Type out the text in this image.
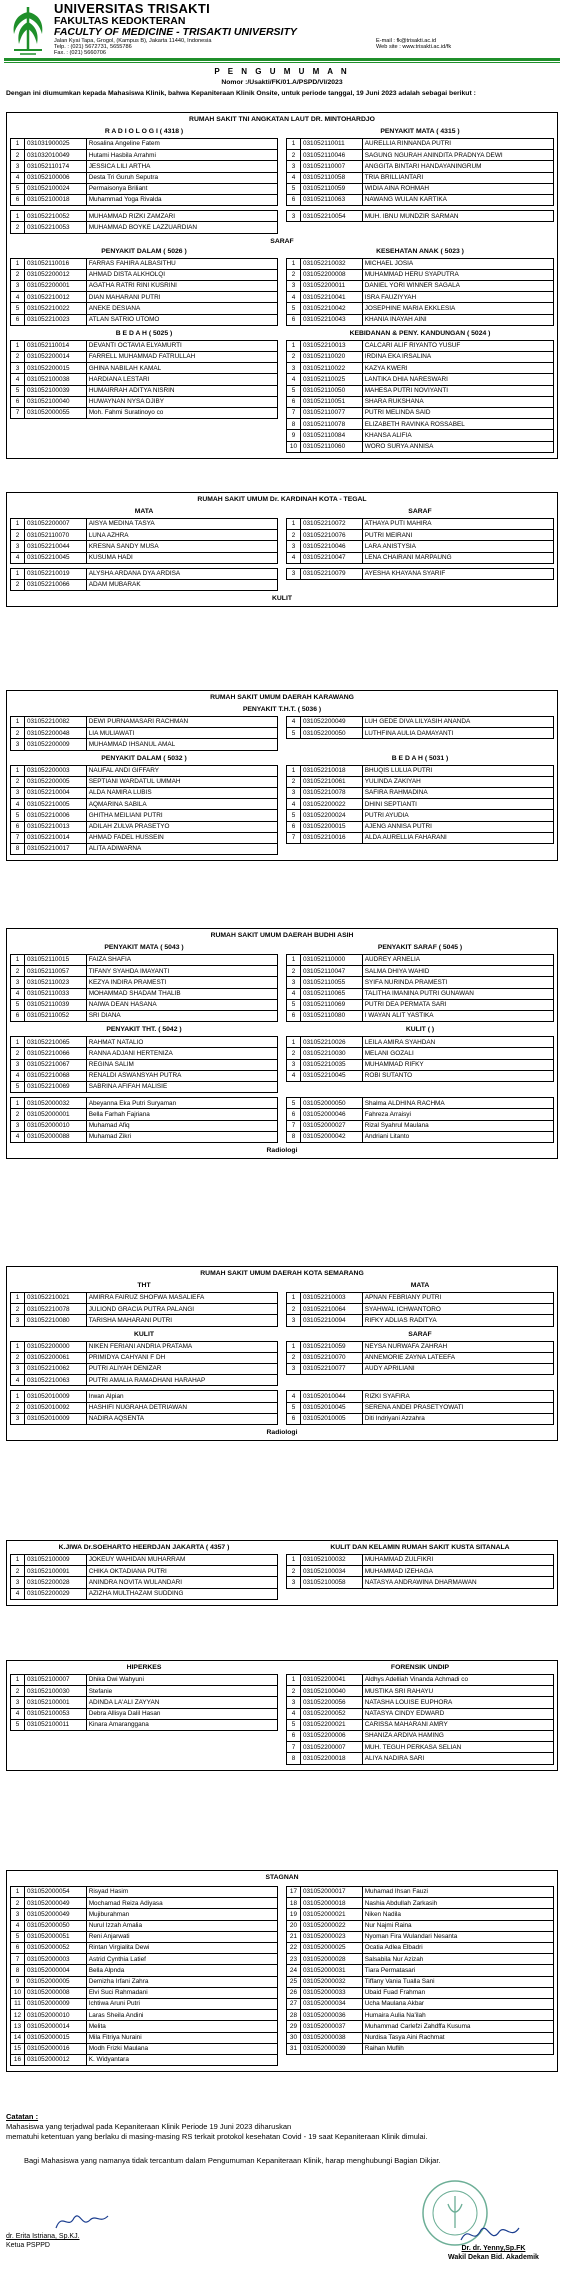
UNIVERSITAS TRISAKTI
FAKULTAS KEDOKTERAN
FACULTY OF MEDICINE - TRISAKTI UNIVERSITY
Jalan Kyai Tapa, Grogol, (Kampus B), Jakarta 11440, Indonesia
Telp. : (021) 5672731, 5655786
Fax. : (021) 5660706
E-mail : fk@trisakti.ac.id
Web site : www.trisakti.ac.id/fk
P E N G U M U M A N
Nomor :/Usakti/FK/01.A/PSPD/VI/2023
Dengan ini diumumkan kepada Mahasiswa Klinik, bahwa Kepaniteraan Klinik Onsite, untuk periode tanggal, 19 Juni 2023 adalah sebagai berikut :
RUMAH SAKIT TNI ANGKATAN LAUT DR. MINTOHARDJO
R A D I O L O G I ( 4318 )	PENYAKIT MATA ( 4315 )
1	031031900025	Rosalina Angeline Fatem
2	031032010049	Hutami Hasbila Arrahmi
3	031052110174	JESSICA LILI ARTHA
4	031052100006	Desta Tri Guruh Seputra
5	031052100024	Permaisonya Briliant
6	031052100018	Muhammad Yoga Rivalda
1	031052110011	AURELLIA RINNANDA PUTRI
2	031052110046	SAGUNG NGURAH ANINDITA PRADNYA DEWI
3	031052110007	ANGGITA BINTARI HANDAYANINGRUM
4	031052110058	TRIA BRILLIANTARI
5	031052110059	WIDIA AINA ROHMAH
6	031052110063	NAWANG WULAN KARTIKA
1	031052210052	MUHAMMAD RIZKI ZAMZARI
2	031052210053	MUHAMMAD BOYKE LAZZUARDIAN
3	031052210054	MUH. IBNU MUNDZIR SARMAN
SARAF
PENYAKIT DALAM ( 5026 )	KESEHATAN ANAK ( 5023 )
1	031052110016	FARRAS FAHIRA ALBASITHU
2	031052200012	AHMAD DISTA ALKHOLQI
3	031052200001	AGATHA RATRI RINI KUSRINI
4	031052210012	DIAN MAHARANI PUTRI
5	031052210022	ANEKE DESIANA
6	031052210023	ATLAN SATRIO UTOMO
1	031052210032	MICHAEL JOSIA
2	031052200008	MUHAMMAD HERU SYAPUTRA
3	031052200011	DANIEL YORI WINNER SAGALA
4	031052210041	ISRA FAUZIYYAH
5	031052210042	JOSEPHINE MARIA EKKLESIA
6	031052210043	KHANIA INAYAH AINI
B E D A H ( 5025 )	KEBIDANAN & PENY. KANDUNGAN ( 5024 )
1	031052110014	DEVANTI OCTAVIA ELYAMURTI
2	031052200014	FARRELL MUHAMMAD FATRULLAH
3	031052200015	GHINA NABILAH KAMAL
4	031052100038	HARDIANA LESTARI
5	031052100039	HUMAIRRAH ADITYA NISRIN
6	031052100040	HUWAYNAN NYSA DJIBY
7	031052000055	Moh. Fahmi Suratinoyo co
1	031052210013	CALCARI ALIF RIYANTO YUSUF
2	031052110020	IRDINA EKA IRSALINA
3	031052110022	KAZYA KWERI
4	031052110025	LANTIKA DHIA NARESWARI
5	031052110050	MAHESA PUTRI NOVIYANTI
6	031052110051	SHARA RUKSHANA
7	031052110077	PUTRI MELINDA SAID
8	031052110078	ELIZABETH RAVINKA ROSSABEL
9	031052110084	KHANSA ALIFIA
10 031052110060	WORO SURYA ANNISA
RUMAH SAKIT UMUM Dr. KARDINAH KOTA - TEGAL
MATA	SARAF
1	031052200007	AISYA MEDINA TASYA
2	031052110070	LUNA AZHRA
3	031052210044	KRESNA SANDY MUSA
4	031052210045	KUSUMA HADI
1	031052210072	ATHAYA PUTI MAHIRA
2	031052210076	PUTRI MEIRANI
3	031052210046	LARA ANISTYSIA
4	031052210047	LENA CHAIRANI MARPAUNG
1	031052210019	ALYSHA ARDANA DYA ARDISA
2	031052210066	ADAM MUBARAK
3	031052210079	AYESHA KHAYANA SYARIF
KULIT
RUMAH SAKIT UMUM DAERAH KARAWANG
PENYAKIT T.H.T. ( 5036 )
1	031052210082	DEWI PURNAMASARI RACHMAN
2	031052200048	LIA MULIAWATI
3	031052200009	MUHAMMAD IHSANUL AMAL
4	031052200049	LUH GEDE DIVA LILYASIH ANANDA
5	031052200050	LUTHFINA AULIA DAMAYANTI
PENYAKIT DALAM ( 5032 )	B E D A H ( 5031 )
1	031052200003	NAUFAL ANDI GIFFARY
2	031052200005	SEPTIANI WARDATUL UMMAH
3	031052210004	ALDA NAMIRA LUBIS
4	031052210005	AQMARINA SABILA
5	031052210006	GHITHA MEILIANI PUTRI
6	031052210013	ADILAH ZULVA PRASETYO
7	031052210014	AHMAD FADEL HUSSEIN
8	031052210017	ALITA ADIWARNA
1	031052210018	BHUQIS LULUA PUTRI
2	031052210061	YULINDA ZAKIYAH
3	031052210078	SAFIRA RAHMADINA
4	031052200022	DHINI SEPTIANTI
5	031052200024	PUTRI AYUDIA
6	031052200015	AJENG ANNISA PUTRI
7	031052210016	ALDA AURELLIA FAHARANI
RUMAH SAKIT UMUM DAERAH BUDHI ASIH
PENYAKIT MATA ( 5043 )	PENYAKIT SARAF ( 5045 )
1	031052110015	FAIZA SHAFIA
2	031052110057	TIFANY SYAHDA IMAYANTI
3	031052110023	KEZYA INDIRA PRAMESTI
4	031052110033	MOHAMMAD SHADAM THALIB
5	031052110039	NAIWA DEAN HASANA
6	031052110052	SRI DIANA
1	031052110000	AUDREY ARNELIA
2	031052110047	SALMA DHIYA WAHID
3	031052110055	SYIFA NURINDA PRAMESTI
4	031052110065	TALITHA IMANINA PUTRI GUNAWAN
5	031052110069	PUTRI DEA PERMATA SARI
6	031052110080	I WAYAN ALIT YASTIKA
PENYAKIT THT. ( 5042 )	KULIT ( )
1	031052210065	RAHMAT NATALIO
2	031052210066	RANNA ADJANI HERTENIZA
3	031052210067	REGINA SALIM
4	031052210068	RENALDI ASWANSYAH PUTRA
5	031052210069	SABRINA AFIFAH MALISIE
1	031052210026	LEILA AMIRA SYAHDAN
2	031052210030	MELANI GOZALI
3	031052210035	MUHAMMAD RIFKY
4	031052210045	ROBI SUTANTO
1	031052000032	Abeyanna Eka Putri Suryaman
2	031052000001	Bella Farhah Fajriana
3	031052000010	Muhamad Afiq
4	031052000088	Muhamad Zikri
5	031052000050	Shalma ALDHINA RACHMA
6	031052000046	Fahreza Arraisyi
7	031052000027	Rizal Syahrul Maulana
8	031052000042	Andriani Litanto
Radiologi
RUMAH SAKIT UMUM DAERAH KOTA SEMARANG
THT	MATA
1	031052210021	AMIRRA FAIRUZ SHOFWA MASALIEFA
2	031052210078	JULIOND GRACIA PUTRA PALANGI
3	031052210080	TARISHA MAHARANI PUTRI
1	031052210003	APNAN FEBRIANY PUTRI
2	031052210064	SYAHWAL ICHWANTORO
3	031052210094	RIFKY ADLIAS RADITYA
KULIT	SARAF
1	031052200000	NIKEN FERIANI ANDRIA PRATAMA
2	031052200061	PRIMIDYA CAHYANI F DH
3	031052210062	PUTRI ALIYAH DENIZAR
4	031052210063	PUTRI AMALIA RAMADHANI HARAHAP
1	031052210059	NEYSA NURWAFA ZAHRAH
2	031052210070	ANNEMORIE ZAYNA LATEEFA
3	031052210077	AUDY APRILIANI
1	031052010009	Irwan Alpian
2	031052010092	HASHIFI NUGRAHA DETRIAWAN
3	031052010009	NADIRA AQSENTA
4	031052010044	RIZKI SYAFIRA
5	031052010045	SERENA ANDEI PRASETYOWATI
6	031052010005	Diti Indriyani Azzahra
Radiologi
K.JIWA Dr.SOEHARTO HEERDJAN JAKARTA ( 4357 )	KULIT DAN KELAMIN RUMAH SAKIT KUSTA SITANALA
1	031052100009	JOKEUY WAHIDAN MUHARRAM
2	031052100091	CHIKA OKTADIANA PUTRI
3	031052200028	ANINDRA NOVITA WULANDARI
4	031052200029	AZIZHA MULTHAZAM SUDDING
1	031052100032	MUHAMMAD ZULFIKRI
2	031052100034	MUHAMMAD IZEHAGA
3	031052100058	NATASYA ANDRAWINA DHARMAWAN
HIPERKES	FORENSIK UNDIP
1	031052100007	Dhika Dwi Wahyuni
2	031052100030	Stefanie
3	031052100001	ADINDA LA'ALI ZAYYAN
4	031052100053	Debra Allisya Dalil Hasan
5	031052100011	Kinara Amaranggana
1	031052200041	Aldhys Adelliah Vinanda Achmadi co
2	031052100040	MUSTIKA SRI RAHAYU
3	031052200056	NATASHA LOUISE EUPHORA
4	031052200052	NATASYA CINDY EDWARD
5	031052200021	CARISSA MAHARANI AMRY
6	031052200006	SHANIZA ARDIVA HAMING
7	031052200007	MUH. TEGUH PERKASA SELIAN
8	031052200018	ALIYA NADIRA SARI
STAGNAN
1	031052000054	Risyad Hasim
2	031052000049	Mochamad Reiza Adiyasa
3	031052000049	Mujiburahman
4	031052000050	Nurul Izzah Amalia
5	031052000051	Reni Anjarwati
6	031052000052	Rintan Virgialita Dewi
7	031052000003	Astrid Cynthia Latief
8	031052000004	Bella Alpnda
9	031052000005	Demizha Irfani Zahra
10 031052000008	Elvi Suci Rahmadani
11 031052000009	Ichtiwa Aruni Putri
12 031052000010	Laras Sheila Andini
13 031052000014	Melita
14 031052000015	Mila Fitriya Nuraini
15 031052000016	Modh Frizki Maulana
16 031052000012	K. Widyantara
17 031052000017	Muhamad Ihsan Fauzi
18 031052000018	Nashia Abdullah Zarkasih
19 031052000021	Niken Nadila
20 031052000022	Nur Najmi Raina
21 031052000023	Nyoman Fira Wulandari Nesanta
22 031052000025	Ocatia Adlea Elbadri
23 031052000028	Salsabila Nur Azizah
24 031052000031	Tiara Permatasari
25 031052000032	Tiffany Vania Tualla Sani
26 031052000033	Ubaid Fuad Frahman
27 031052000034	Ucha Maulana Akbar
28 031052000036	Humaira Aulia Na'ilah
29 031052000037	Muhammad Carlefzi Zahdffa Kusuma
30 031052000038	Nurdisa Tasya Aini Rachmat
31 031052000039	Raihan Muflih
Catatan :
Mahasiswa yang terjadwal pada Kepaniteraan Klinik Periode 19 Juni 2023 diharuskan
mematuhi ketentuan yang berlaku di masing-masing RS terkait protokol kesehatan Covid - 19 saat Kepaniteraan Klinik dimulai.
Bagi Mahasiswa yang namanya tidak tercantum dalam Pengumuman Kepaniteraan Klinik, harap menghubungi Bagian Dikjar.
dr. Erita Istriana, Sp.KJ.
Ketua PSPPD	Dr. dr. Yenny,Sp.FK
Wakil Dekan Bid. Akademik
